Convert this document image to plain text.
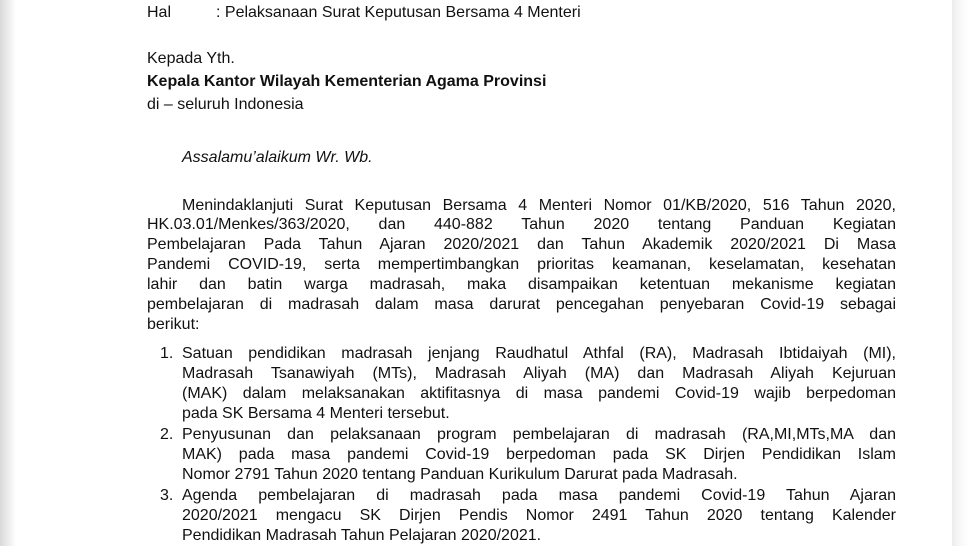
Hal	: Pelaksanaan Surat Keputusan Bersama 4 Menteri
Kepada Yth.
Kepala Kantor Wilayah Kementerian Agama Provinsi
di – seluruh Indonesia
Assalamu’alaikum Wr. Wb.
Menindaklanjuti Surat Keputusan Bersama 4 Menteri Nomor 01/KB/2020, 516 Tahun 2020,
HK.03.01/Menkes/363/2020, dan 440-882 Tahun 2020 tentang Panduan Kegiatan
Pembelajaran Pada Tahun Ajaran 2020/2021 dan Tahun Akademik 2020/2021 Di Masa
Pandemi COVID-19, serta mempertimbangkan prioritas keamanan, keselamatan, kesehatan
lahir dan batin warga madrasah, maka disampaikan ketentuan mekanisme kegiatan
pembelajaran di madrasah dalam masa darurat pencegahan penyebaran Covid-19 sebagai
berikut:
1. Satuan pendidikan madrasah jenjang Raudhatul Athfal (RA), Madrasah Ibtidaiyah (MI),
Madrasah Tsanawiyah (MTs), Madrasah Aliyah (MA) dan Madrasah Aliyah Kejuruan
(MAK) dalam melaksanakan aktifitasnya di masa pandemi Covid-19 wajib berpedoman
pada SK Bersama 4 Menteri tersebut.
2. Penyusunan dan pelaksanaan program pembelajaran di madrasah (RA,MI,MTs,MA dan
MAK) pada masa pandemi Covid-19 berpedoman pada SK Dirjen Pendidikan Islam
Nomor 2791 Tahun 2020 tentang Panduan Kurikulum Darurat pada Madrasah.
3. Agenda pembelajaran di madrasah pada masa pandemi Covid-19 Tahun Ajaran
2020/2021 mengacu SK Dirjen Pendis Nomor 2491 Tahun 2020 tentang Kalender
Pendidikan Madrasah Tahun Pelajaran 2020/2021.
